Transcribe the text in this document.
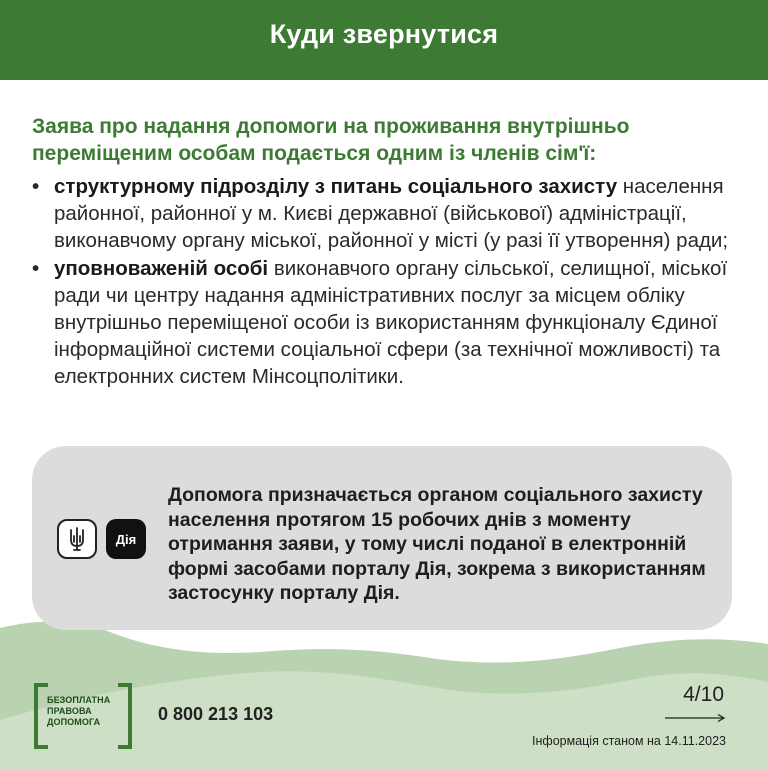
Куди звернутися

Заява про надання допомоги на проживання внутрішньо переміщеним особам подається одним із членів сім'ї:

• структурному підрозділу з питань соціального захисту населення районної, районної у м. Києві державної (військової) адміністрації, виконавчому органу міської, районної у місті (у разі її утворення) ради;
• уповноваженій особі виконавчого органу сільської, селищної, міської ради чи центру надання адміністративних послуг за місцем обліку внутрішньо переміщеної особи із використанням функціоналу Єдиної інформаційної системи соціальної сфери (за технічної можливості) та електронних систем Мінсоцполітики.
Дія

Допомога призначається органом соціального захисту населення протягом 15 робочих днів з моменту отримання заяви, у тому числі поданої в електронній формі засобами порталу Дія, зокрема з використанням застосунку порталу Дія.

БЕЗОПЛАТНА
ПРАВОВА
ДОПОМОГА	0 800 213 103

4/10

Інформація станом на 14.11.2023
